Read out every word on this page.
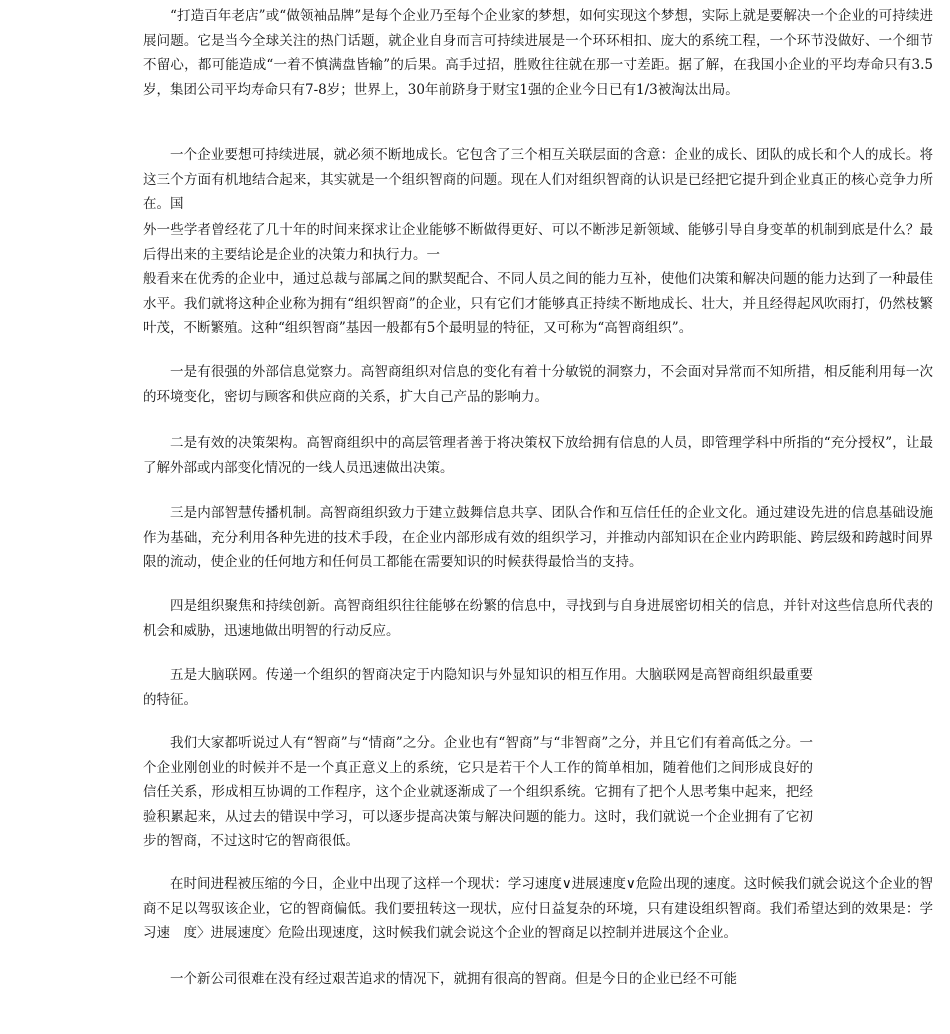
“打造百年老店”或“做领袖品牌”是每个企业乃至每个企业家的梦想，如何实现这个梦想，实际上就是要解决一个企业的可持续进展问题。它是当今全球关注的热门话题，就企业自身而言可持续进展是一个环环相扣、庞大的系统工程，一个环节没做好、一个细节不留心，都可能造成“一着不慎满盘皆输”的后果。高手过招，胜败往往就在那一寸差距。据了解，在我国小企业的平均寿命只有3.5岁，集团公司平均寿命只有7-8岁；世界上，30年前跻身于财宝1强的企业今日已有1/3被淘汰出局。

一个企业要想可持续进展，就必须不断地成长。它包含了三个相互关联层面的含意：企业的成长、团队的成长和个人的成长。将这三个方面有机地结合起来，其实就是一个组织智商的问题。现在人们对组织智商的认识是已经把它提升到企业真正的核心竞争力所在。国

外一些学者曾经花了几十年的时间来探求让企业能够不断做得更好、可以不断涉足新领域、能够引导自身变革的机制到底是什么？最后得出来的主要结论是企业的决策力和执行力。一

般看来在优秀的企业中，通过总裁与部属之间的默契配合、不同人员之间的能力互补，使他们决策和解决问题的能力达到了一种最佳水平。我们就将这种企业称为拥有“组织智商”的企业，只有它们才能够真正持续不断地成长、壮大，并且经得起风吹雨打，仍然枝繁叶茂，不断繁殖。这种“组织智商”基因一般都有5个最明显的特征，又可称为“高智商组织”。

一是有很强的外部信息觉察力。高智商组织对信息的变化有着十分敏锐的洞察力，不会面对异常而不知所措，相反能利用每一次的环境变化，密切与顾客和供应商的关系，扩大自己产品的影响力。

二是有效的决策架构。高智商组织中的高层管理者善于将决策权下放给拥有信息的人员，即管理学科中所指的“充分授权”，让最了解外部或内部变化情况的一线人员迅速做出决策。

三是内部智慧传播机制。高智商组织致力于建立鼓舞信息共享、团队合作和互信任任的企业文化。通过建设先进的信息基础设施作为基础，充分利用各种先进的技术手段，在企业内部形成有效的组织学习，并推动内部知识在企业内跨职能、跨层级和跨越时间界限的流动，使企业的任何地方和任何员工都能在需要知识的时候获得最恰当的支持。

四是组织聚焦和持续创新。高智商组织往往能够在纷繁的信息中，寻找到与自身进展密切相关的信息，并针对这些信息所代表的机会和威胁，迅速地做出明智的行动反应。

五是大脑联网。传递一个组织的智商决定于内隐知识与外显知识的相互作用。大脑联网是高智商组织最重要的特征。

我们大家都听说过人有“智商”与“情商”之分。企业也有“智商”与“非智商”之分，并且它们有着高低之分。一个企业刚创业的时候并不是一个真正意义上的系统，它只是若干个人工作的简单相加，随着他们之间形成良好的信任关系，形成相互协调的工作程序，这个企业就逐渐成了一个组织系统。它拥有了把个人思考集中起来，把经验积累起来，从过去的错误中学习，可以逐步提高决策与解决问题的能力。这时，我们就说一个企业拥有了它初步的智商，不过这时它的智商很低。

在时间进程被压缩的今日，企业中出现了这样一个现状：学习速度∨进展速度∨危险出现的速度。这时候我们就会说这个企业的智商不足以驾驭该企业，它的智商偏低。我们要扭转这一现状，应付日益复杂的环境，只有建设组织智商。我们希望达到的效果是：学习速　度〉进展速度〉危险出现速度，这时候我们就会说这个企业的智商足以控制并进展这个企业。

一个新公司很难在没有经过艰苦追求的情况下，就拥有很高的智商。但是今日的企业已经不可能
